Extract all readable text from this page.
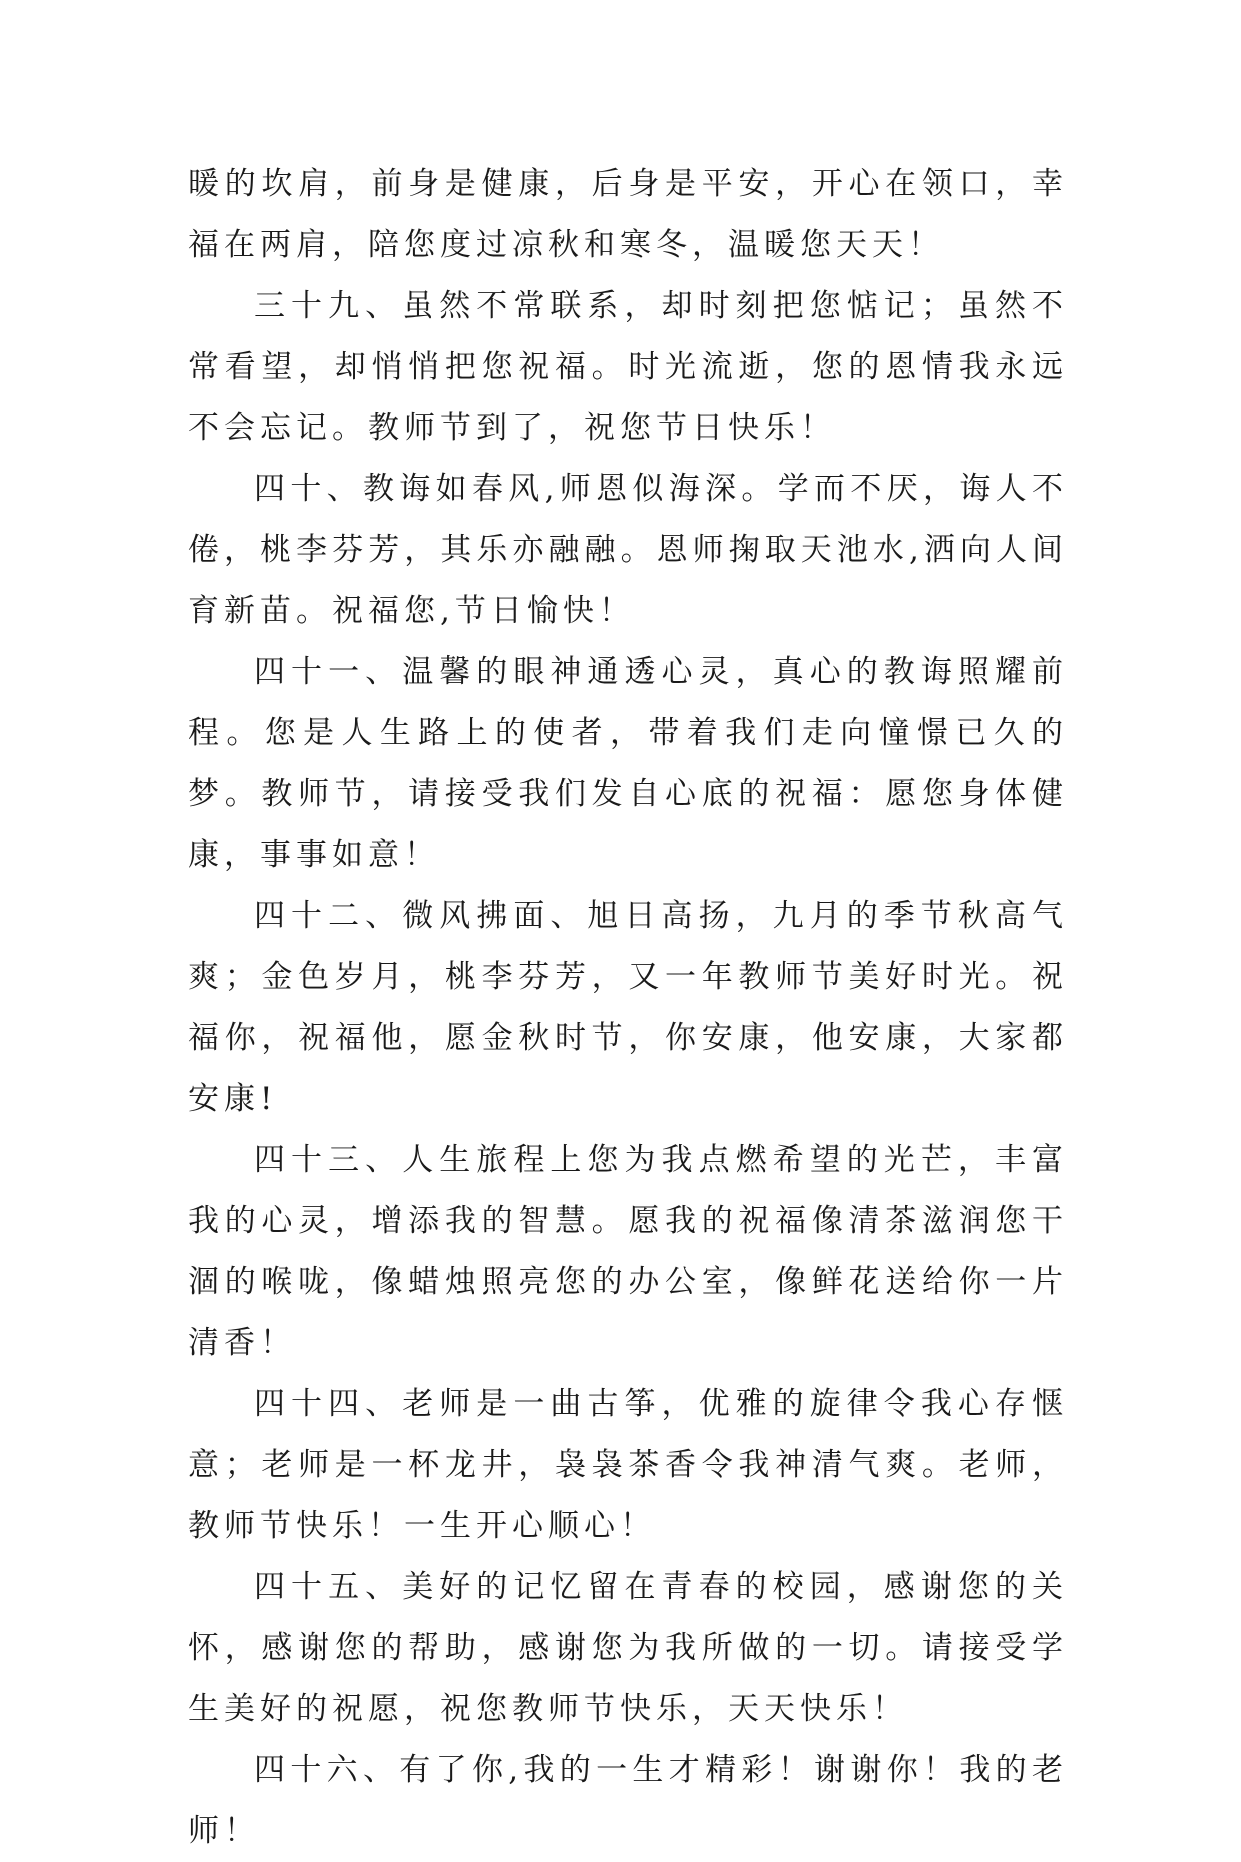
暖的坎肩，前身是健康，后身是平安，开心在领口，幸福在两肩，陪您度过凉秋和寒冬，温暖您天天！

三十九、虽然不常联系，却时刻把您惦记；虽然不常看望，却悄悄把您祝福。时光流逝，您的恩情我永远不会忘记。教师节到了，祝您节日快乐！

四十、教诲如春风,师恩似海深。学而不厌，诲人不倦，桃李芬芳，其乐亦融融。恩师掬取天池水,洒向人间育新苗。祝福您,节日愉快！

四十一、温馨的眼神通透心灵，真心的教诲照耀前程。您是人生路上的使者，带着我们走向憧憬已久的梦。教师节，请接受我们发自心底的祝福：愿您身体健康，事事如意！

四十二、微风拂面、旭日高扬，九月的季节秋高气爽；金色岁月，桃李芬芳，又一年教师节美好时光。祝福你，祝福他，愿金秋时节，你安康，他安康，大家都安康!

四十三、人生旅程上您为我点燃希望的光芒，丰富我的心灵，增添我的智慧。愿我的祝福像清茶滋润您干涸的喉咙，像蜡烛照亮您的办公室，像鲜花送给你一片清香！

四十四、老师是一曲古筝，优雅的旋律令我心存惬意；老师是一杯龙井，袅袅茶香令我神清气爽。老师，教师节快乐！一生开心顺心！

四十五、美好的记忆留在青春的校园，感谢您的关怀，感谢您的帮助，感谢您为我所做的一切。请接受学生美好的祝愿，祝您教师节快乐，天天快乐！

四十六、有了你,我的一生才精彩！谢谢你！我的老师！
